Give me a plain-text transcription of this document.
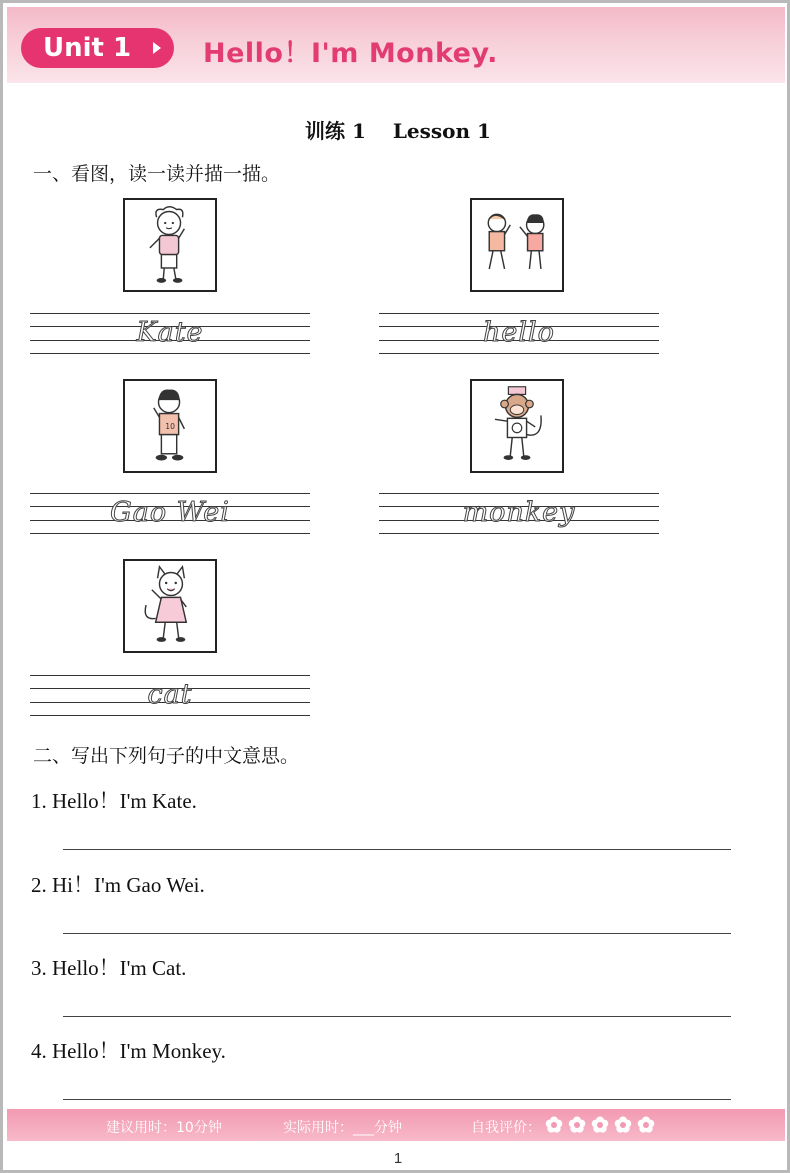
Unit 1	Hello！I'm Monkey.
训练 1　 Lesson 1
一、看图，读一读并描一描。
Kate	hello
10
Gao Wei	monkey
cat
二、写出下列句子的中文意思。
1. Hello！I'm Kate.
2. Hi！I'm Gao Wei.
3. Hello！I'm Cat.
4. Hello！I'm Monkey.
建议用时：10分钟	实际用时：___分钟	自我评价：
1
